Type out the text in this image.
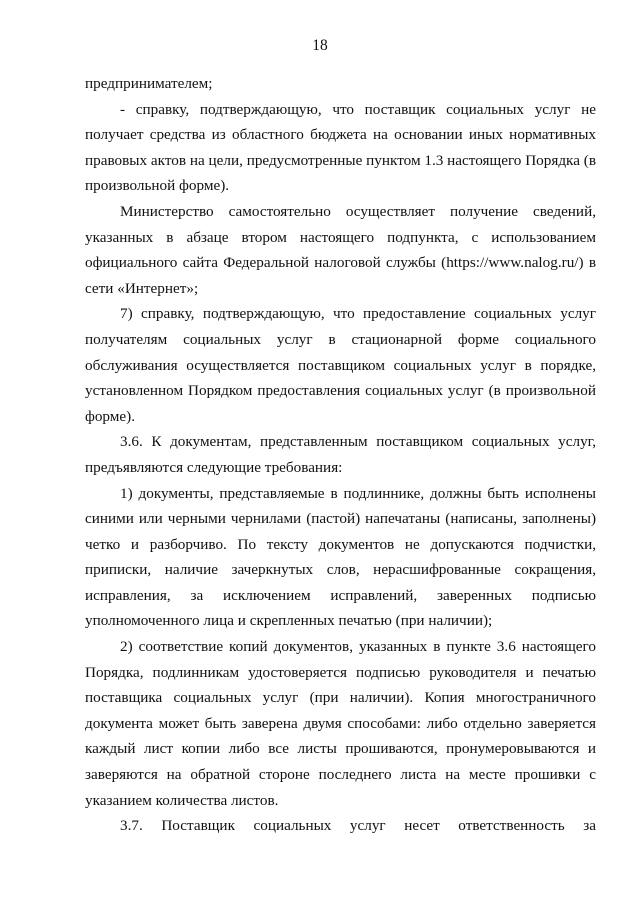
18

предпринимателем;

- справку, подтверждающую, что поставщик социальных услуг не получает средства из областного бюджета на основании иных нормативных правовых актов на цели, предусмотренные пунктом 1.3 настоящего Порядка (в произвольной форме).

Министерство самостоятельно осуществляет получение сведений, указанных в абзаце втором настоящего подпункта, с использованием официального сайта Федеральной налоговой службы (https://www.nalog.ru/) в сети «Интернет»;

7) справку, подтверждающую, что предоставление социальных услуг получателям социальных услуг в стационарной форме социального обслуживания осуществляется поставщиком социальных услуг в порядке, установленном Порядком предоставления социальных услуг (в произвольной форме).

3.6. К документам, представленным поставщиком социальных услуг, предъявляются следующие требования:

1) документы, представляемые в подлиннике, должны быть исполнены синими или черными чернилами (пастой) напечатаны (написаны, заполнены) четко и разборчиво. По тексту документов не допускаются подчистки, приписки, наличие зачеркнутых слов, нерасшифрованные сокращения, исправления, за исключением исправлений, заверенных подписью уполномоченного лица и скрепленных печатью (при наличии);

2) соответствие копий документов, указанных в пункте 3.6 настоящего Порядка, подлинникам удостоверяется подписью руководителя и печатью поставщика социальных услуг (при наличии). Копия многостраничного документа может быть заверена двумя способами: либо отдельно заверяется каждый лист копии либо все листы прошиваются, пронумеровываются и заверяются на обратной стороне последнего листа на месте прошивки с указанием количества листов.

3.7. Поставщик социальных услуг несет ответственность за
